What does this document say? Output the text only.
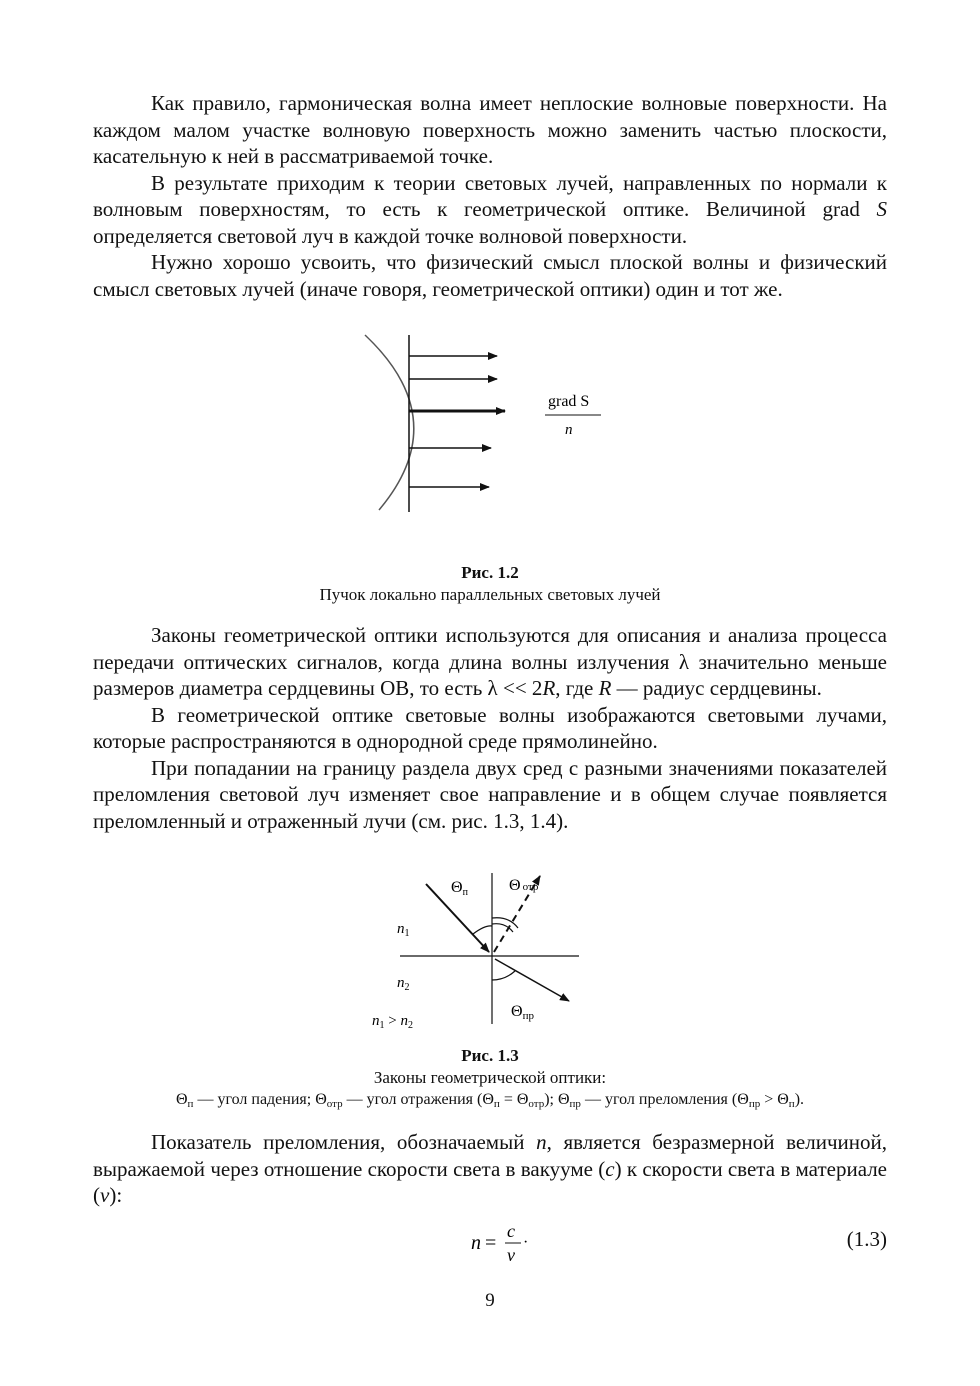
Как правило, гармоническая волна имеет неплоские волновые поверхности. На каждом малом участке волновую поверхность можно заменить частью плоскости, касательную к ней в рассматриваемой точке.

В результате приходим к теории световых лучей, направленных по нормали к волновым поверхностям, то есть к геометрической оптике. Величиной grad S определяется световой луч в каждой точке волновой поверхности.

Нужно хорошо усвоить, что физический смысл плоской волны и физический смысл световых лучей (иначе говоря, геометрической оптики) один и тот же.

grad S
n
Рис. 1.2
Пучок локально параллельных световых лучей

Законы геометрической оптики используются для описания и анализа процесса передачи оптических сигналов, когда длина волны излучения λ значительно меньше размеров диаметра сердцевины ОВ, то есть λ << 2R, где R — радиус сердцевины.

В геометрической оптике световые волны изображаются световыми лучами, которые распространяются в однородной среде прямолинейно.

При попадании на границу раздела двух сред с разными значениями показателей преломления световой луч изменяет свое направление и в общем случае появляется преломленный и отраженный лучи (см. рис. 1.3, 1.4).

Θп	Θ отр
$n_1$
$n_2$
$n_1 > n_2$
Θпр
Рис. 1.3
Законы геометрической оптики:
$\Theta_п$ — угол падения; $\Theta_{отр}$ — угол отражения $(\Theta_п = \Theta_{отр})$; $\Theta_{пр}$ — угол преломления $(\Theta_{пр} > \Theta_п)$.

Показатель преломления, обозначаемый n, является безразмерной величиной, выражаемой через отношение скорости света в вакууме (c) к скорости света в материале (v):

n =
c
v
·	(1.3)
9
